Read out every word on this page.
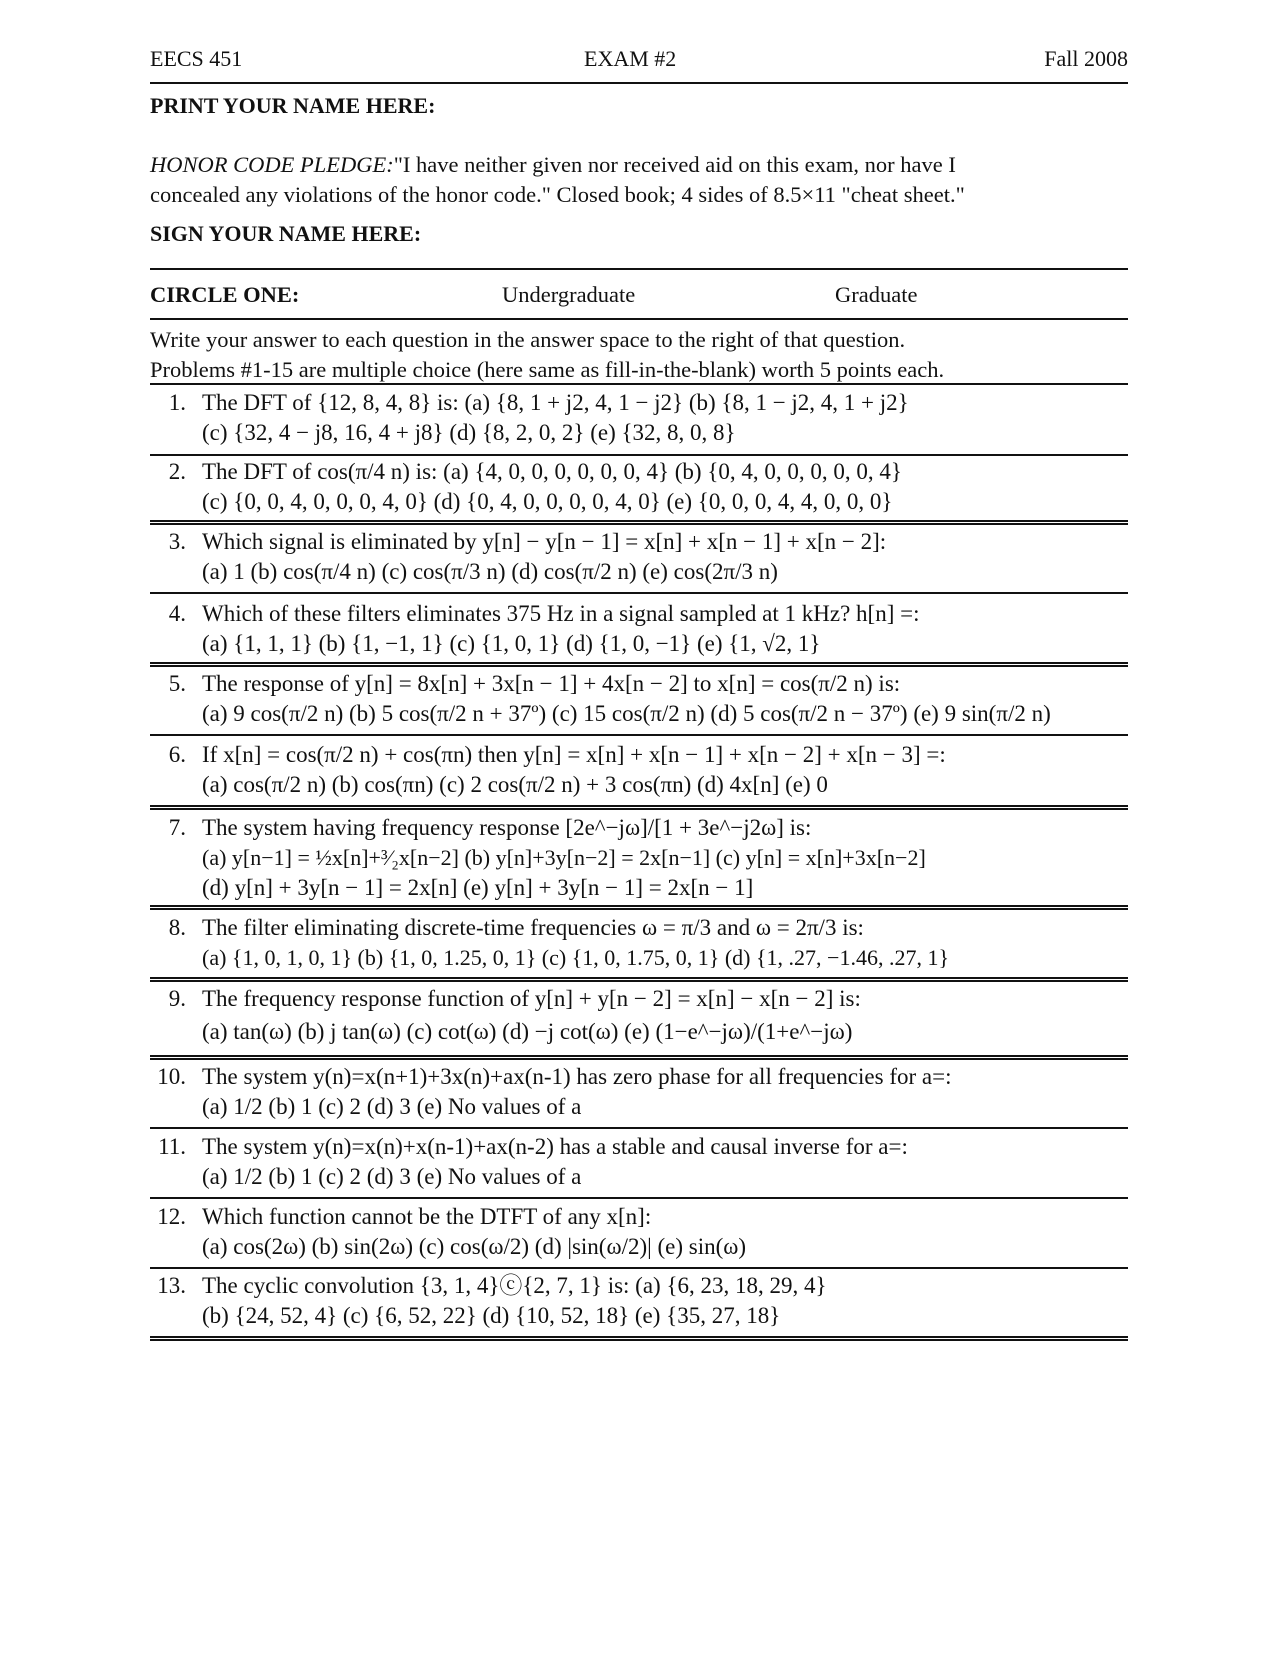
EECS 451	EXAM #2	Fall 2008
PRINT YOUR NAME HERE:
HONOR CODE PLEDGE:"I have neither given nor received aid on this exam, nor have I
concealed any violations of the honor code." Closed book; 4 sides of 8.5×11 "cheat sheet."
SIGN YOUR NAME HERE:
CIRCLE ONE:	Undergraduate	Graduate
Write your answer to each question in the answer space to the right of that question.
Problems #1-15 are multiple choice (here same as fill-in-the-blank) worth 5 points each.
1. The DFT of {12, 8, 4, 8} is: (a) {8, 1 + j2, 4, 1 − j2} (b) {8, 1 − j2, 4, 1 + j2}
(c) {32, 4 − j8, 16, 4 + j8} (d) {8, 2, 0, 2} (e) {32, 8, 0, 8}
2. The DFT of cos(π/4 n) is: (a) {4, 0, 0, 0, 0, 0, 0, 4} (b) {0, 4, 0, 0, 0, 0, 0, 4}
(c) {0, 0, 4, 0, 0, 0, 4, 0} (d) {0, 4, 0, 0, 0, 0, 4, 0} (e) {0, 0, 0, 4, 4, 0, 0, 0}
3. Which signal is eliminated by y[n] − y[n − 1] = x[n] + x[n − 1] + x[n − 2]:
(a) 1 (b) cos(π/4 n) (c) cos(π/3 n) (d) cos(π/2 n) (e) cos(2π/3 n)
4. Which of these filters eliminates 375 Hz in a signal sampled at 1 kHz? h[n] =:
(a) {1, 1, 1} (b) {1, −1, 1} (c) {1, 0, 1} (d) {1, 0, −1} (e) {1, √2, 1}
5. The response of y[n] = 8x[n] + 3x[n − 1] + 4x[n − 2] to x[n] = cos(π/2 n) is:
(a) 9 cos(π/2 n) (b) 5 cos(π/2 n + 37º) (c) 15 cos(π/2 n) (d) 5 cos(π/2 n − 37º) (e) 9 sin(π/2 n)
6. If x[n] = cos(π/2 n) + cos(πn) then y[n] = x[n] + x[n − 1] + x[n − 2] + x[n − 3] =:
(a) cos(π/2 n) (b) cos(πn) (c) 2 cos(π/2 n) + 3 cos(πn) (d) 4x[n] (e) 0
7. The system having frequency response [2e^−jω]/[1 + 3e^−j2ω] is:
(a) y[n−1] = ½x[n]+³⁄₂x[n−2] (b) y[n]+3y[n−2] = 2x[n−1] (c) y[n] = x[n]+3x[n−2]
(d) y[n] + 3y[n − 1] = 2x[n] (e) y[n] + 3y[n − 1] = 2x[n − 1]
8. The filter eliminating discrete-time frequencies ω = π/3 and ω = 2π/3 is:
(a) {1, 0, 1, 0, 1} (b) {1, 0, 1.25, 0, 1} (c) {1, 0, 1.75, 0, 1} (d) {1, .27, −1.46, .27, 1}
9. The frequency response function of y[n] + y[n − 2] = x[n] − x[n − 2] is:
(a) tan(ω) (b) j tan(ω) (c) cot(ω) (d) −j cot(ω) (e) (1−e^−jω)/(1+e^−jω)
10. The system y(n)=x(n+1)+3x(n)+ax(n-1) has zero phase for all frequencies for a=:
(a) 1/2 (b) 1 (c) 2 (d) 3 (e) No values of a
11. The system y(n)=x(n)+x(n-1)+ax(n-2) has a stable and causal inverse for a=:
(a) 1/2 (b) 1 (c) 2 (d) 3 (e) No values of a
12. Which function cannot be the DTFT of any x[n]:
(a) cos(2ω) (b) sin(2ω) (c) cos(ω/2) (d) |sin(ω/2)| (e) sin(ω)
13. The cyclic convolution {3, 1, 4}ⓒ{2, 7, 1} is: (a) {6, 23, 18, 29, 4}
(b) {24, 52, 4} (c) {6, 52, 22} (d) {10, 52, 18} (e) {35, 27, 18}
